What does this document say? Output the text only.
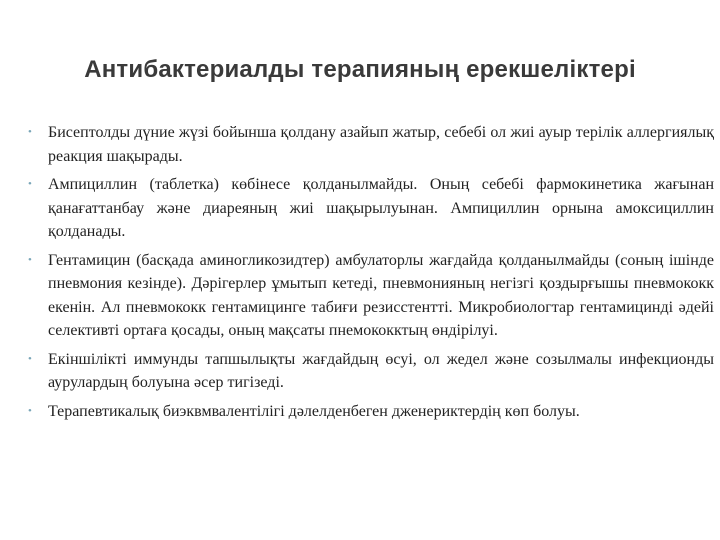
Антибактериалды терапияның ерекшеліктері
• Бисептолды дүние жүзі бойынша қолдану азайып жатыр, себебі ол жиі ауыр терілік аллергиялық реакция шақырады.
• Ампициллин (таблетка) көбінесе қолданылмайды. Оның себебі фармокинетика жағынан қанағаттанбау және диареяның жиі шақырылуынан. Ампициллин орнына амоксициллин қолданады.
• Гентамицин (басқада аминогликозидтер) амбулаторлы жағдайда қолданылмайды (соның ішінде пневмония кезінде). Дәрігерлер ұмытып кетеді, пневмонияның негізгі қоздырғышы пневмококк екенін. Ал пневмококк гентамицинге табиғи резисстентті. Микробиологтар гентамицинді әдейі селективті ортаға қосады, оның мақсаты пнемококктың өндірілуі.
• Екіншілікті иммунды тапшылықты жағдайдың өсуі, ол жедел және созылмалы инфекционды аурулардың болуына әсер тигізеді.
• Терапевтикалық биэквмвалентілігі дәлелденбеген дженериктердің көп болуы.
